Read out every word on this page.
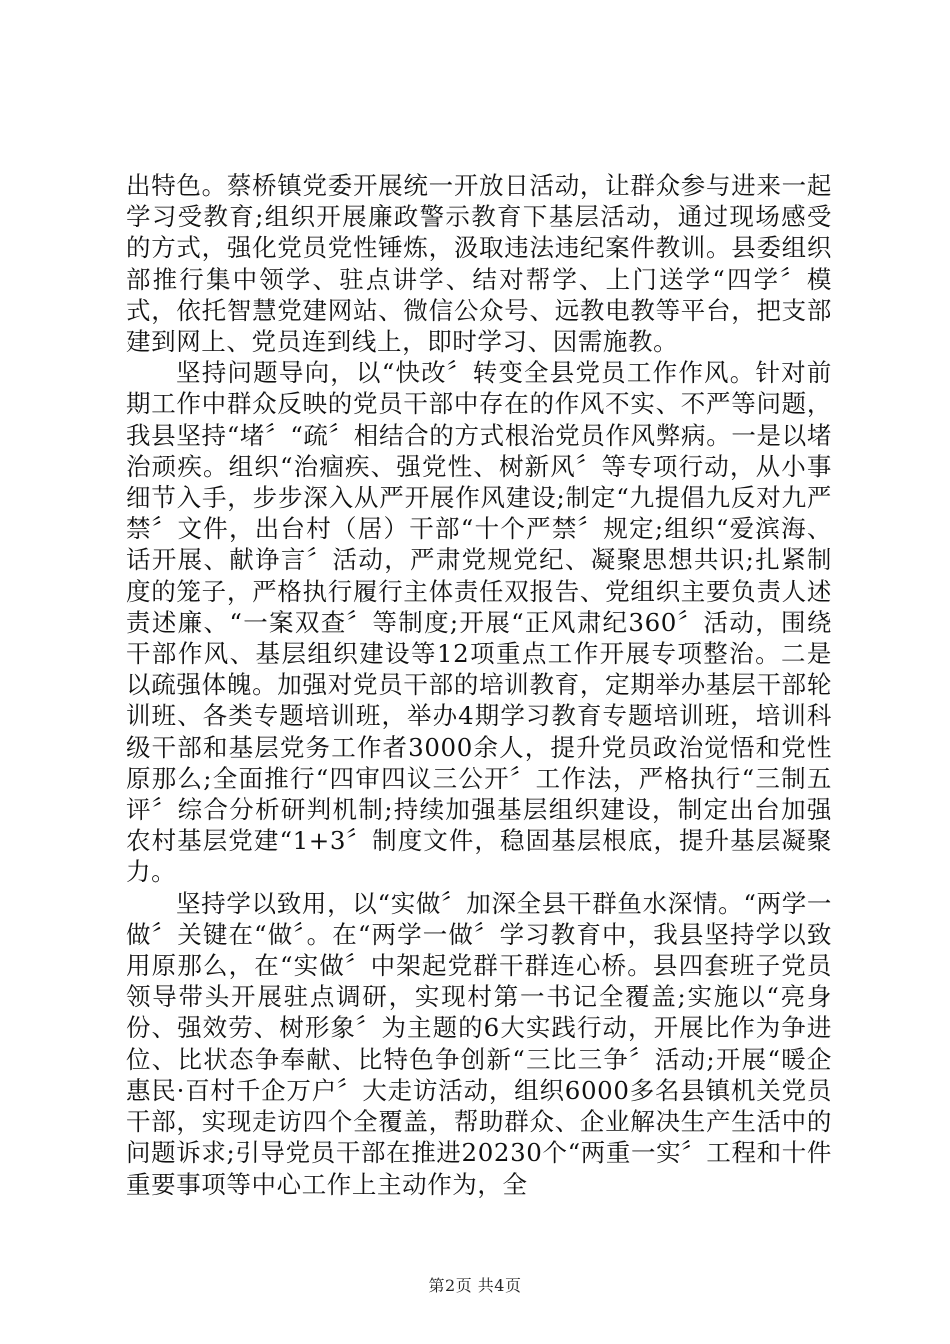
出特色。蔡桥镇党委开展统一开放日活动，让群众参与进来一起学习受教育;组织开展廉政警示教育下基层活动，通过现场感受的方式，强化党员党性锤炼，汲取违法违纪案件教训。县委组织部推行集中领学、驻点讲学、结对帮学、上门送学“四学〞模式，依托智慧党建网站、微信公众号、远教电教等平台，把支部建到网上、党员连到线上，即时学习、因需施教。

坚持问题导向，以“快改〞转变全县党员工作作风。针对前期工作中群众反映的党员干部中存在的作风不实、不严等问题，我县坚持“堵〞“疏〞相结合的方式根治党员作风弊病。一是以堵治顽疾。组织“治痼疾、强党性、树新风〞等专项行动，从小事细节入手，步步深入从严开展作风建设;制定“九提倡九反对九严禁〞文件，出台村（居）干部“十个严禁〞规定;组织“爱滨海、话开展、献诤言〞活动，严肃党规党纪、凝聚思想共识;扎紧制度的笼子，严格执行履行主体责任双报告、党组织主要负责人述责述廉、“一案双查〞等制度;开展“正风肃纪360〞活动，围绕干部作风、基层组织建设等12项重点工作开展专项整治。二是以疏强体魄。加强对党员干部的培训教育，定期举办基层干部轮训班、各类专题培训班，举办4期学习教育专题培训班，培训科级干部和基层党务工作者3000余人，提升党员政治觉悟和党性原那么;全面推行“四审四议三公开〞工作法，严格执行“三制五评〞综合分析研判机制;持续加强基层组织建设，制定出台加强农村基层党建“1+3〞制度文件，稳固基层根底，提升基层凝聚力。

坚持学以致用，以“实做〞加深全县干群鱼水深情。“两学一做〞关键在“做〞。在“两学一做〞学习教育中，我县坚持学以致用原那么，在“实做〞中架起党群干群连心桥。县四套班子党员领导带头开展驻点调研，实现村第一书记全覆盖;实施以“亮身份、强效劳、树形象〞为主题的6大实践行动，开展比作为争进位、比状态争奉献、比特色争创新“三比三争〞活动;开展“暖企惠民·百村千企万户〞大走访活动，组织6000多名县镇机关党员干部，实现走访四个全覆盖，帮助群众、企业解决生产生活中的问题诉求;引导党员干部在推进20230个“两重一实〞工程和十件重要事项等中心工作上主动作为，全

第2页 共4页
